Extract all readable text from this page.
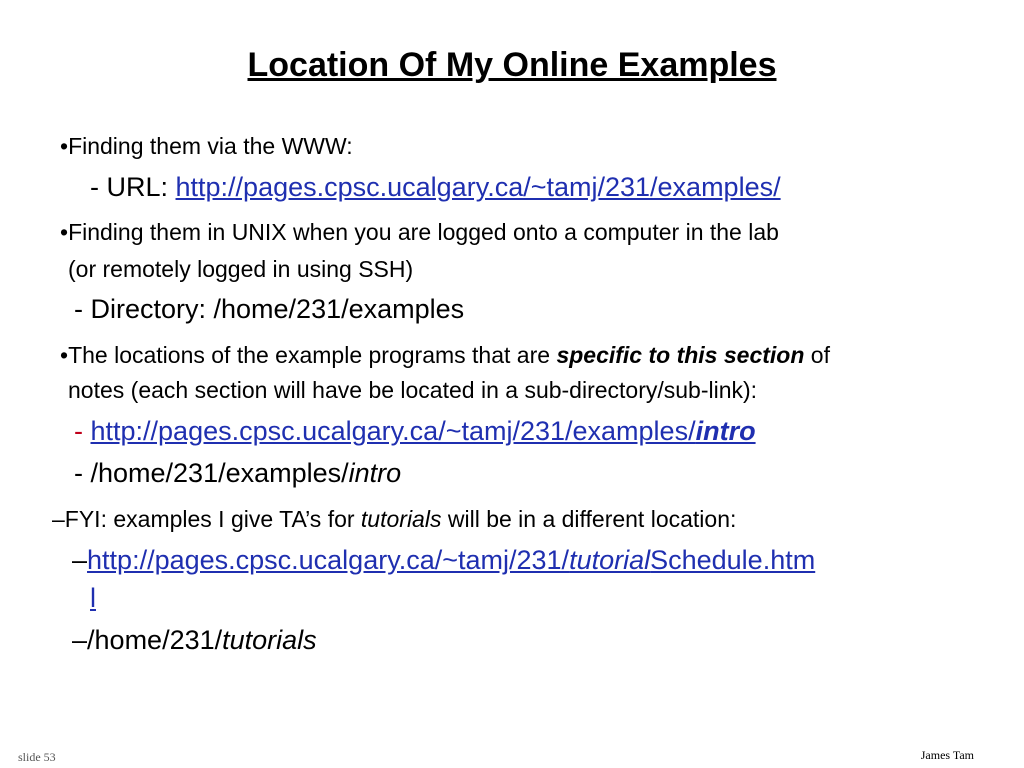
Location Of My Online Examples
•Finding them via the WWW:
- URL: http://pages.cpsc.ucalgary.ca/~tamj/231/examples/
•Finding them in UNIX when you are logged onto a computer in the lab
(or remotely logged in using SSH)
- Directory: /home/231/examples
•The locations of the example programs that are specific to this section of
notes (each section will have be located in a sub-directory/sub-link):
- http://pages.cpsc.ucalgary.ca/~tamj/231/examples/intro
- /home/231/examples/intro
–FYI: examples I give TA’s for tutorials will be in a different location:
–http://pages.cpsc.ucalgary.ca/~tamj/231/tutorialSchedule.htm
l
–/home/231/tutorials
slide 53	James Tam
